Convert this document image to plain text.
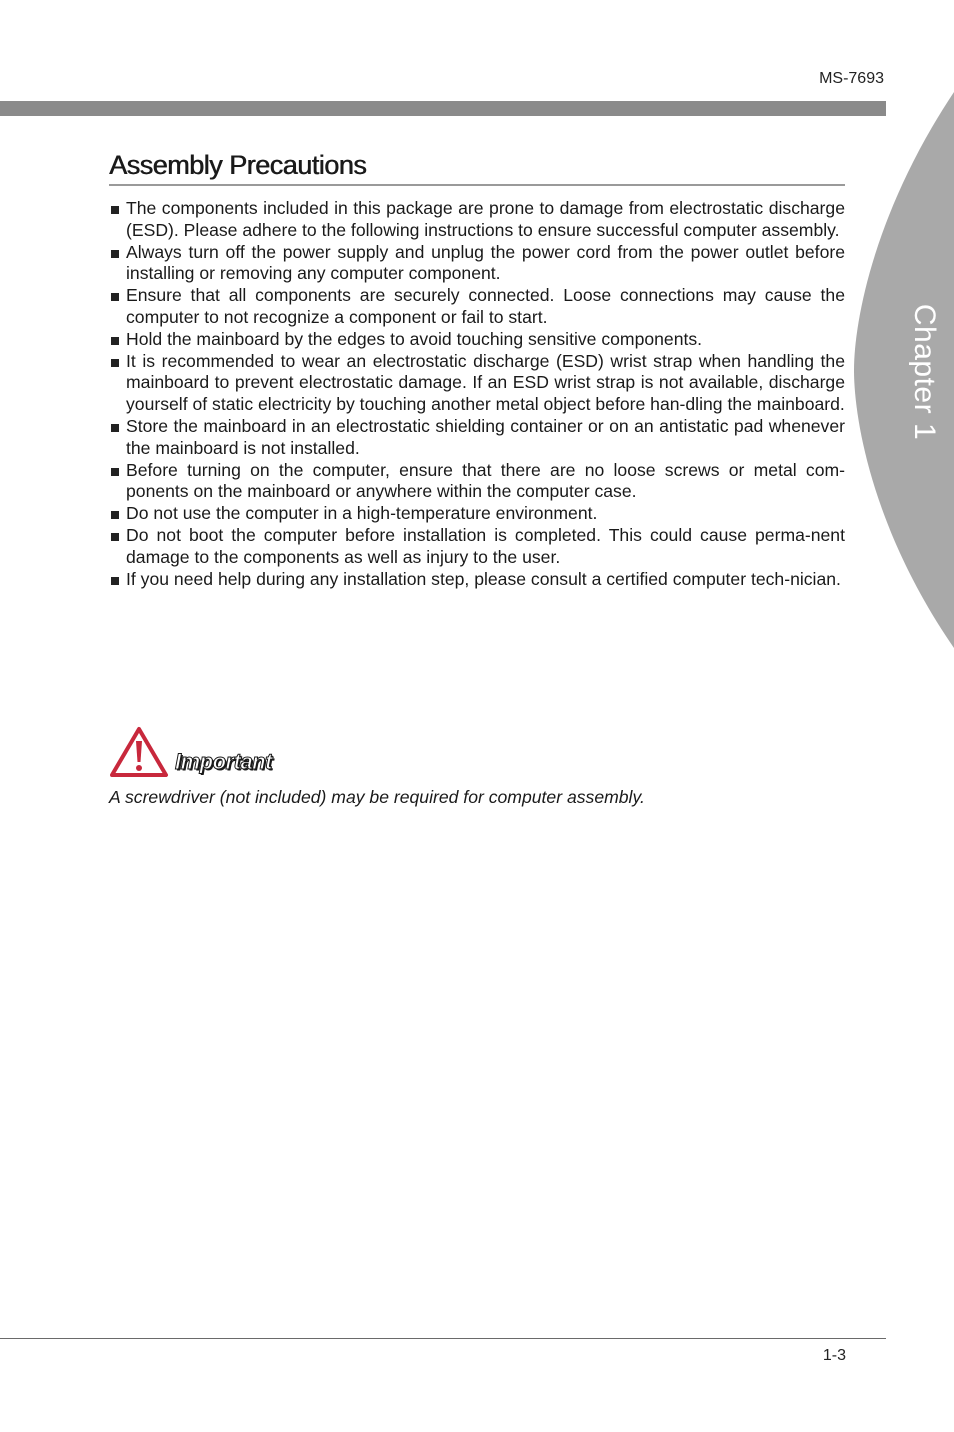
MS-7693
Chapter 1
Assembly Precautions
The components included in this package are prone to damage from electrostatic discharge (ESD). Please adhere to the following instructions to ensure successful computer assembly.
Always turn off the power supply and unplug the power cord from the power outlet before installing or removing any computer component.
Ensure that all components are securely connected. Loose connections may cause the computer to not recognize a component or fail to start.
Hold the mainboard by the edges to avoid touching sensitive components.
It is recommended to wear an electrostatic discharge (ESD) wrist strap when handling the mainboard to prevent electrostatic damage. If an ESD wrist strap is not available, discharge yourself of static electricity by touching another metal object before han-dling the mainboard.
Store the mainboard in an electrostatic shielding container or on an antistatic pad whenever the mainboard is not installed.
Before turning on the computer, ensure that there are no loose screws or metal com-ponents on the mainboard or anywhere within the computer case.
Do not use the computer in a high-temperature environment.
Do not boot the computer before installation is completed. This could cause perma-nent damage to the components as well as injury to the user.
If you need help during any installation step, please consult a certified computer tech-nician.
Important
A screwdriver (not included) may be required for computer assembly.
1-3
